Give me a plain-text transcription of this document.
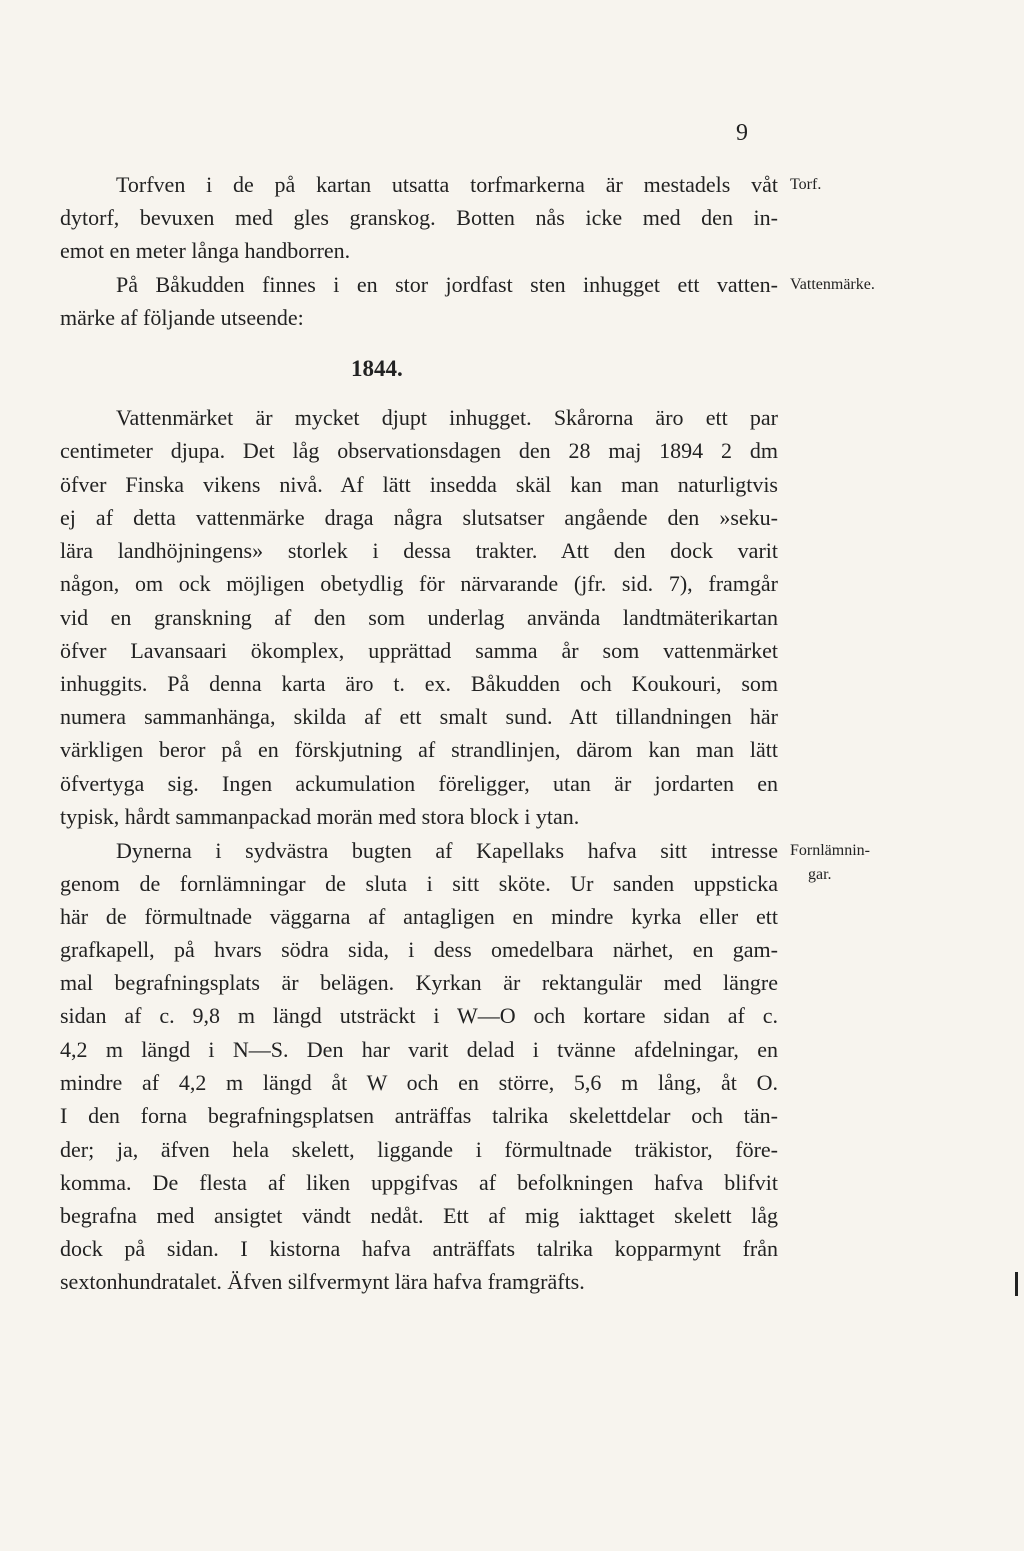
9
Torfven i de på kartan utsatta torfmarkerna är mestadels våt Torf.
dytorf, bevuxen med gles granskog. Botten nås icke med den in-
emot en meter långa handborren.
På Båkudden finnes i en stor jordfast sten inhugget ett vatten- Vattenmärke.
märke af följande utseende:
1844.
Vattenmärket är mycket djupt inhugget. Skårorna äro ett par
centimeter djupa. Det låg observationsdagen den 28 maj 1894 2 dm
öfver Finska vikens nivå. Af lätt insedda skäl kan man naturligtvis
ej af detta vattenmärke draga några slutsatser angående den »seku-
lära landhöjningens» storlek i dessa trakter. Att den dock varit
någon, om ock möjligen obetydlig för närvarande (jfr. sid. 7), framgår
vid en granskning af den som underlag använda landtmäterikartan
öfver Lavansaari ökomplex, upprättad samma år som vattenmärket
inhuggits. På denna karta äro t. ex. Båkudden och Koukouri, som
numera sammanhänga, skilda af ett smalt sund. Att tillandningen här
värkligen beror på en förskjutning af strandlinjen, därom kan man lätt
öfvertyga sig. Ingen ackumulation föreligger, utan är jordarten en
typisk, hårdt sammanpackad morän med stora block i ytan.
Dynerna i sydvästra bugten af Kapellaks hafva sitt intresse Fornlämnin-
gar.
genom de fornlämningar de sluta i sitt sköte. Ur sanden uppsticka
här de förmultnade väggarna af antagligen en mindre kyrka eller ett
grafkapell, på hvars södra sida, i dess omedelbara närhet, en gam-
mal begrafningsplats är belägen. Kyrkan är rektangulär med längre
sidan af c. 9,8 m längd utsträckt i W—O och kortare sidan af c.
4,2 m längd i N—S. Den har varit delad i tvänne afdelningar, en
mindre af 4,2 m längd åt W och en större, 5,6 m lång, åt O.
I den forna begrafningsplatsen anträffas talrika skelettdelar och tän-
der; ja, äfven hela skelett, liggande i förmultnade träkistor, före-
komma. De flesta af liken uppgifvas af befolkningen hafva blifvit
begrafna med ansigtet vändt nedåt. Ett af mig iakttaget skelett låg
dock på sidan. I kistorna hafva anträffats talrika kopparmynt från
sextonhundratalet. Äfven silfvermynt lära hafva framgräfts.
